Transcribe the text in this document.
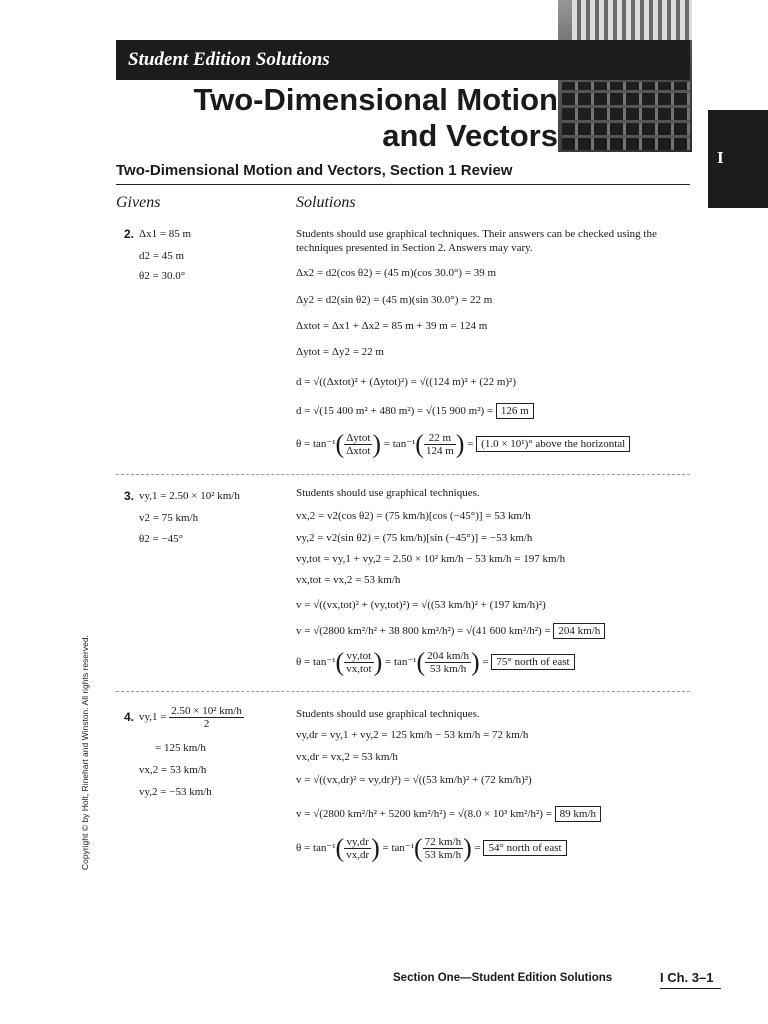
Student Edition Solutions
Two-Dimensional Motion
and Vectors
I
Two-Dimensional Motion and Vectors, Section 1 Review
Givens	Solutions
2. Δx1 = 85 m
d2 = 45 m
θ2 = 30.0°
Students should use graphical techniques. Their answers can be checked using the techniques presented in Section 2. Answers may vary.
Δx2 = d2(cos θ2) = (45 m)(cos 30.0°) = 39 m
Δy2 = d2(sin θ2) = (45 m)(sin 30.0°) = 22 m
Δxtot = Δx1 + Δx2 = 85 m + 39 m = 124 m
Δytot = Δy2 = 22 m
d = √((Δxtot)² + (Δytot)²) = √((124 m)² + (22 m)²)
d = √(15 400 m² + 480 m²) = √(15 900 m²) = 126 m
$\theta = \tan^{-1}( \frac{\text{Δytot}}{\text{Δxtot}}$ ) = $\tan^{-1}( \frac{22 m}{124 m}$ ) = (1.0 × 10¹)° above the horizontal
3. vy,1 = 2.50 × 10² km/h
v2 = 75 km/h
θ2 = −45°
Students should use graphical techniques.
vx,2 = v2(cos θ2) = (75 km/h)[cos (−45°)] = 53 km/h
vy,2 = v2(sin θ2) = (75 km/h)[sin (−45°)] = −53 km/h
vy,tot = vy,1 + vy,2 = 2.50 × 10² km/h − 53 km/h = 197 km/h
vx,tot = vx,2 = 53 km/h
v = √((vx,tot)² + (vy,tot)²) = √((53 km/h)² + (197 km/h)²)
v = √(2800 km²/h² + 38 800 km²/h²) = √(41 600 km²/h²) = 204 km/h
$\theta = \tan^{-1}( \frac{\text{vy,tot}}{\text{vx,tot}}$ ) = $\tan^{-1}( \frac{204 km/h}{53 km/h}$ ) = 75° north of east
4. $vy,1 = \frac{\text{2.50 × 10² km/h}}{2}$
= 125 km/h
vx,2 = 53 km/h
vy,2 = −53 km/h
Students should use graphical techniques.
vy,dr = vy,1 + vy,2 = 125 km/h − 53 km/h = 72 km/h
vx,dr = vx,2 = 53 km/h
v = √((vx,dr)² = vy,dr)²) = √((53 km/h)² + (72 km/h)²)
v = √(2800 km²/h² + 5200 km²/h²) = √(8.0 × 10³ km²/h²) = 89 km/h
$\theta = \tan^{-1}( \frac{vy,dr}{vx,dr}$ ) = $\tan^{-1}( \frac{72 km/h}{53 km/h}$ ) = 54° north of east
Copyright © by Holt, Rinehart and Winston. All rights reserved.
Section One—Student Edition Solutions	I Ch. 3–1
